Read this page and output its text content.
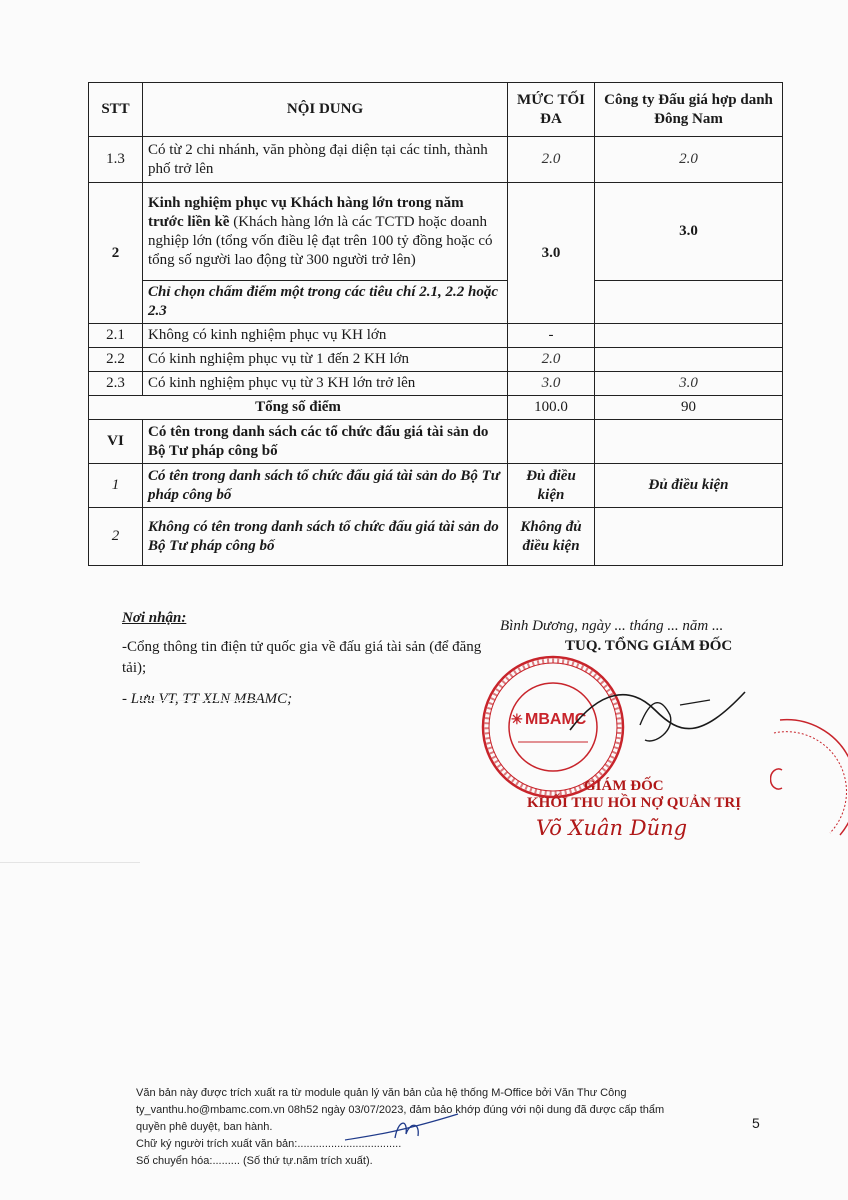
STT	NỘI DUNG	MỨC TỐI ĐA	Công ty Đấu giá hợp danh Đông Nam
1.3	Có từ 2 chi nhánh, văn phòng đại diện tại các tỉnh, thành phố trở lên	2.0	2.0
2	Kinh nghiệm phục vụ Khách hàng lớn trong năm trước liền kề (Khách hàng lớn là các TCTD hoặc doanh nghiệp lớn (tổng vốn điều lệ đạt trên 100 tỷ đồng hoặc có tổng số người lao động từ 300 người trở lên)	3.0	3.0
	Chỉ chọn chấm điểm một trong các tiêu chí 2.1, 2.2 hoặc 2.3		
2.1	Không có kinh nghiệm phục vụ KH lớn	-	
2.2	Có kinh nghiệm phục vụ từ 1 đến 2 KH lớn	2.0	
2.3	Có kinh nghiệm phục vụ từ 3 KH lớn trở lên	3.0	3.0
Tổng số điểm		100.0	90
VI	Có tên trong danh sách các tổ chức đấu giá tài sản do Bộ Tư pháp công bố		
1	Có tên trong danh sách tổ chức đấu giá tài sản do Bộ Tư pháp công bố	Đủ điều kiện	Đủ điều kiện
2	Không có tên trong danh sách tổ chức đấu giá tài sản do Bộ Tư pháp công bố	Không đủ điều kiện	
Nơi nhận:
-Cổng thông tin điện tử quốc gia về đấu giá tài sản (để đăng tải);
- Lưu VT, TT XLN MBAMC;
Bình Dương, ngày ... tháng ... năm ...
TUQ. TỔNG GIÁM ĐỐC
✳ MBAMC
GIÁM ĐỐC
KHỐI THU HỒI NỢ QUẢN TRỊ
Võ Xuân Dũng
Văn bản này được trích xuất ra từ module quản lý văn bản của hệ thống M-Office bởi Văn Thư Công
ty_vanthu.ho@mbamc.com.vn 08h52 ngày 03/07/2023, đảm bảo khớp đúng với nội dung đã được cấp thẩm
quyền phê duyệt, ban hành.
Chữ ký người trích xuất văn bản:..................................
Số chuyển hóa:......... (Số thứ tự.năm trích xuất).
5
